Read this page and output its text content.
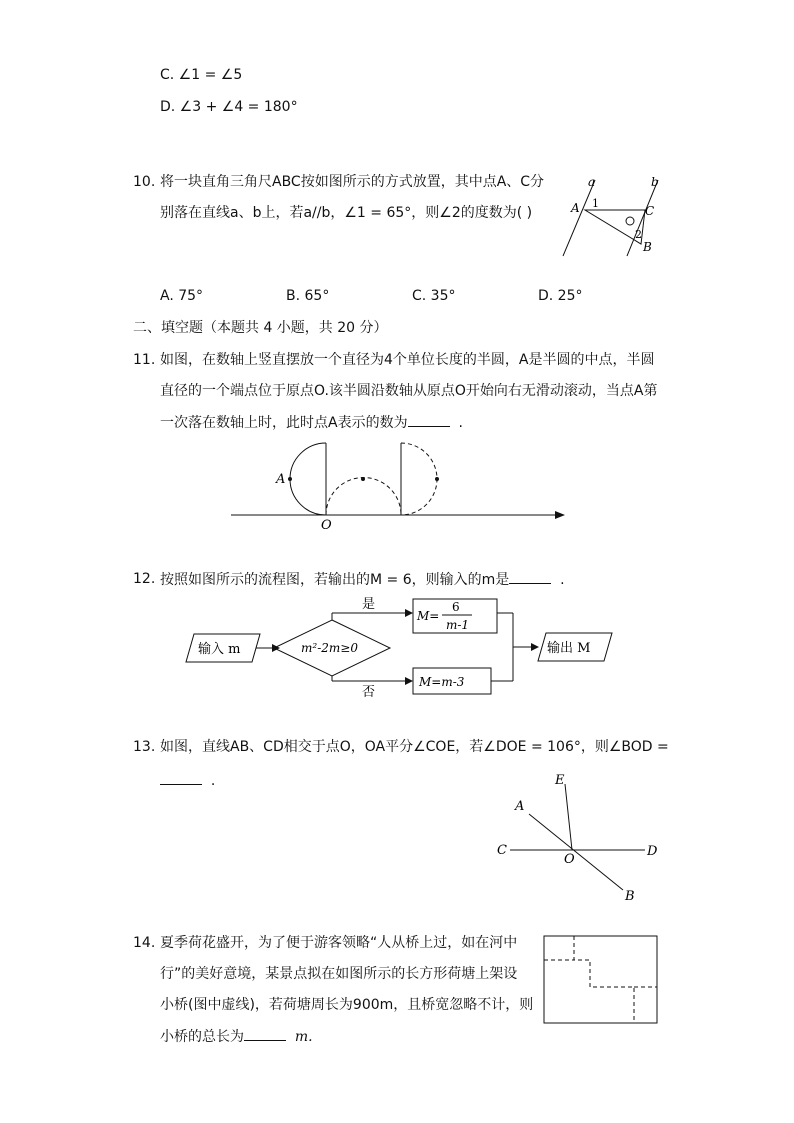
C. ∠1 = ∠5
D. ∠3 + ∠4 = 180°
10. 将一块直角三角尺ABC按如图所示的方式放置，其中点A、C分
别落在直线a、b上，若a//b，∠1 = 65°，则∠2的度数为( )
a	b
A	C
B
1
2
A. 75°	B. 65°	C. 35°	D. 25°
二、填空题（本题共 4 小题，共 20 分）
11. 如图，在数轴上竖直摆放一个直径为4个单位长度的半圆，A是半圆的中点，半圆
直径的一个端点位于原点O.该半圆沿数轴从原点O开始向右无滑动滚动，当点A第
一次落在数轴上时，此时点A表示的数为	.
A
O
12. 按照如图所示的流程图，若输出的M = 6，则输入的m是	.
输入 m	m²-2m≥0
是
M=
6
m-1
否
M=m-3
输出 M
13. 如图，直线AB、CD相交于点O，OA平分∠COE，若∠DOE = 106°，则∠BOD =
.	E
A
C
O
D
B
14. 夏季荷花盛开，为了便于游客领略“人从桥上过，如在河中
行”的美好意境，某景点拟在如图所示的长方形荷塘上架设
小桥(图中虚线)，若荷塘周长为900m，且桥宽忽略不计，则
小桥的总长为	m.
